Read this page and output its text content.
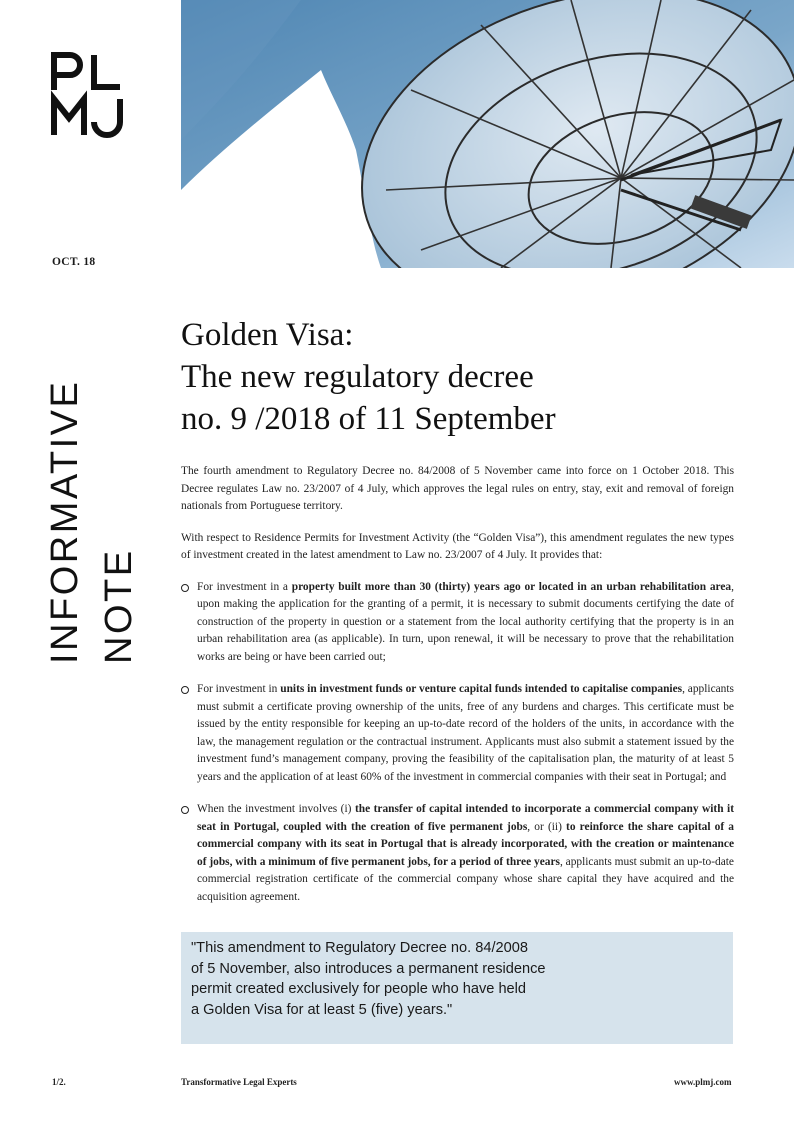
OCT. 18
INFORMATIVE NOTE
Golden Visa:
The new regulatory decree
no. 9 /2018 of 11 September

The fourth amendment to Regulatory Decree no. 84/2008 of 5 November came into force on 1 October 2018. This Decree regulates Law no. 23/2007 of 4 July, which approves the legal rules on entry, stay, exit and removal of foreign nationals from Portuguese territory.

With respect to Residence Permits for Investment Activity (the “Golden Visa”), this amendment regulates the new types of investment created in the latest amendment to Law no. 23/2007 of 4 July. It provides that:

For investment in a property built more than 30 (thirty) years ago or located in an urban rehabilitation area, upon making the application for the granting of a permit, it is necessary to submit documents certifying the date of construction of the property in question or a statement from the local authority certifying that the property is in an urban rehabilitation area (as applicable). In turn, upon renewal, it will be necessary to prove that the rehabilitation works are being or have been carried out;
For investment in units in investment funds or venture capital funds intended to capitalise companies, applicants must submit a certificate proving ownership of the units, free of any burdens and charges. This certificate must be issued by the entity responsible for keeping an up-to-date record of the holders of the units, in accordance with the law, the management regulation or the contractual instrument. Applicants must also submit a statement issued by the investment fund’s management company, proving the feasibility of the capitalisation plan, the maturity of at least 5 years and the application of at least 60% of the investment in commercial companies with their seat in Portugal; and
When the investment involves (i) the transfer of capital intended to incorporate a commercial company with it seat in Portugal, coupled with the creation of five permanent jobs, or (ii) to reinforce the share capital of a commercial company with its seat in Portugal that is already incorporated, with the creation or maintenance of jobs, with a minimum of five permanent jobs, for a period of three years, applicants must submit an up-to-date commercial registration certificate of the commercial company whose share capital they have acquired and the acquisition agreement.
"This amendment to Regulatory Decree no. 84/2008
of 5 November, also introduces a permanent residence
permit created exclusively for people who have held
a Golden Visa for at least 5 (five) years."
1/2.	Transformative Legal Experts	www.plmj.com
